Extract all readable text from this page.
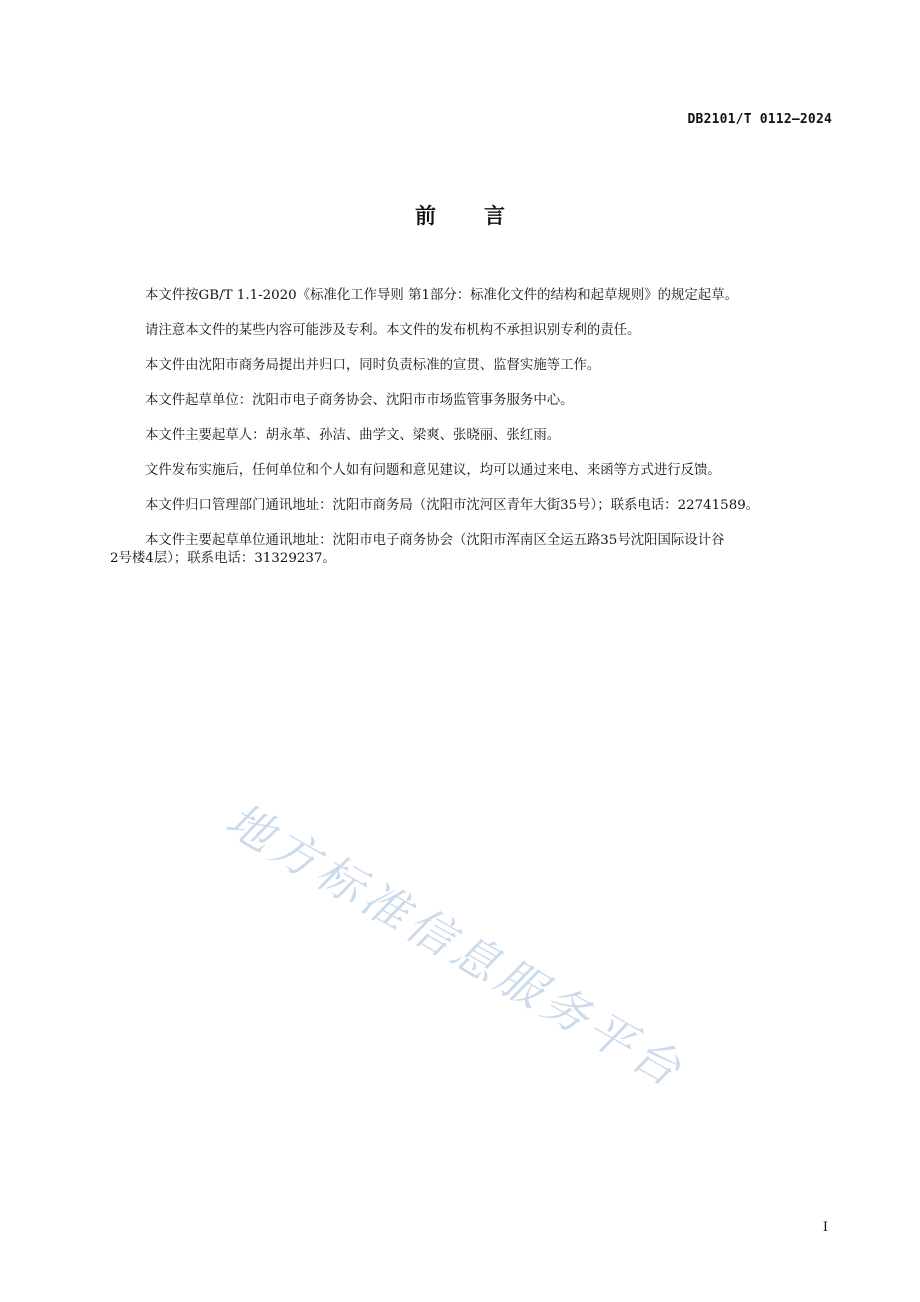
DB2101/T 0112—2024
前言

本文件按GB/T 1.1-2020《标准化工作导则 第1部分：标准化文件的结构和起草规则》的规定起草。

请注意本文件的某些内容可能涉及专利。本文件的发布机构不承担识别专利的责任。

本文件由沈阳市商务局提出并归口，同时负责标准的宣贯、监督实施等工作。

本文件起草单位：沈阳市电子商务协会、沈阳市市场监管事务服务中心。

本文件主要起草人：胡永革、孙洁、曲学文、梁爽、张晓丽、张红雨。

文件发布实施后，任何单位和个人如有问题和意见建议，均可以通过来电、来函等方式进行反馈。

本文件归口管理部门通讯地址：沈阳市商务局（沈阳市沈河区青年大街35号）；联系电话：22741589。

本文件主要起草单位通讯地址：沈阳市电子商务协会（沈阳市浑南区全运五路35号沈阳国际设计谷

2号楼4层）；联系电话：31329237。

地方标准信息服务平台
I
